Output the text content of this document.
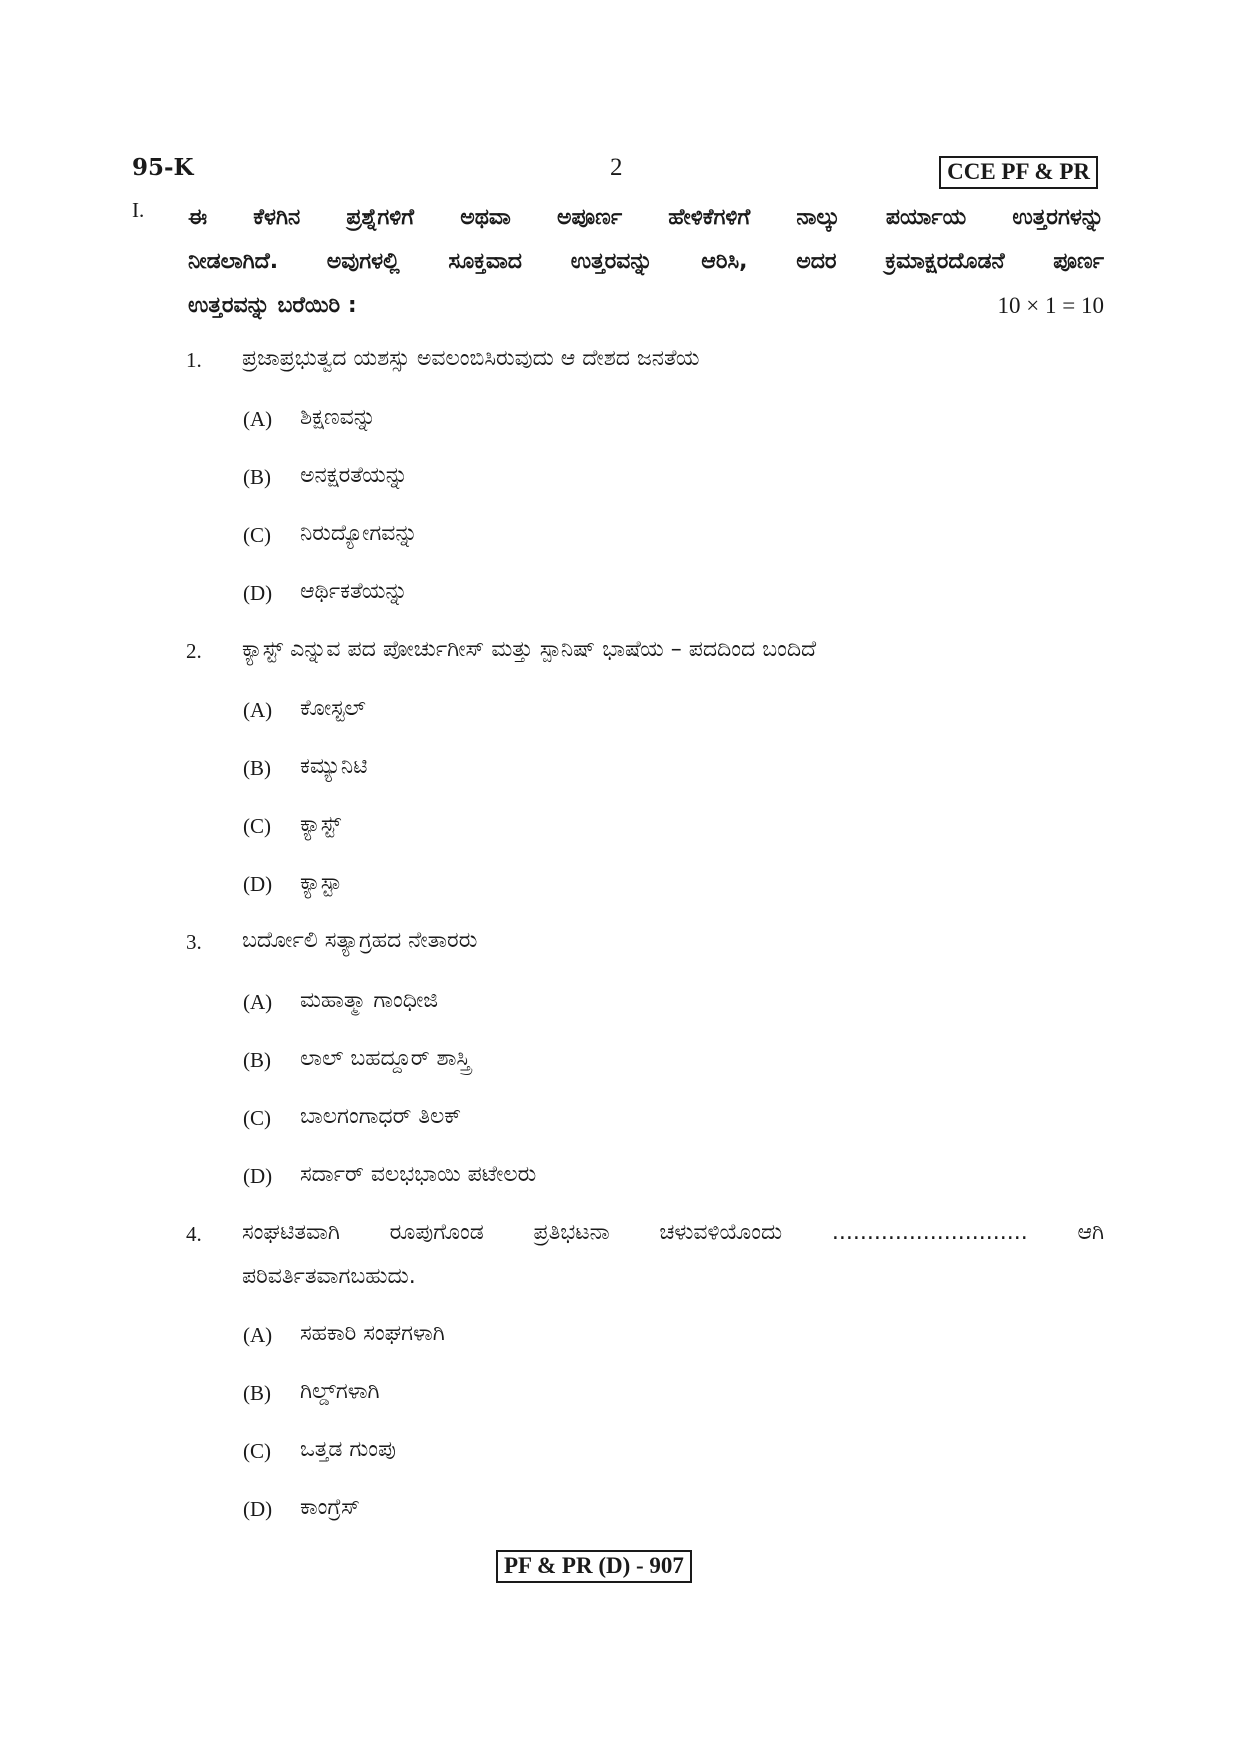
95-K	2	CCE PF & PR
I. ಈ ಕೆಳಗಿನ ಪ್ರಶ್ನೆಗಳಿಗೆ ಅಥವಾ ಅಪೂರ್ಣ ಹೇಳಿಕೆಗಳಿಗೆ ನಾಲ್ಕು ಪರ್ಯಾಯ ಉತ್ತರಗಳನ್ನು
ನೀಡಲಾಗಿದೆ. ಅವುಗಳಲ್ಲಿ ಸೂಕ್ತವಾದ ಉತ್ತರವನ್ನು ಆರಿಸಿ, ಅದರ ಕ್ರಮಾಕ್ಷರದೊಡನೆ ಪೂರ್ಣ
ಉತ್ತರವನ್ನು ಬರೆಯಿರಿ :	10 × 1 = 10
1. ಪ್ರಜಾಪ್ರಭುತ್ವದ ಯಶಸ್ಸು ಅವಲಂಬಿಸಿರುವುದು ಆ ದೇಶದ ಜನತೆಯ
(A) ಶಿಕ್ಷಣವನ್ನು
(B) ಅನಕ್ಷರತೆಯನ್ನು
(C) ನಿರುದ್ಯೋಗವನ್ನು
(D) ಆರ್ಥಿಕತೆಯನ್ನು
2. ಕ್ಯಾಸ್ಟ್ ಎನ್ನುವ ಪದ ಪೋರ್ಚುಗೀಸ್ ಮತ್ತು ಸ್ಪಾನಿಷ್ ಭಾಷೆಯ – ಪದದಿಂದ ಬಂದಿದೆ
(A) ಕೋಸ್ಟಲ್
(B) ಕಮ್ಯುನಿಟಿ
(C) ಕ್ಯಾಸ್ಟ್
(D) ಕ್ಯಾಸ್ಟಾ
3. ಬರ್ದೋಲಿ ಸತ್ಯಾಗ್ರಹದ ನೇತಾರರು
(A) ಮಹಾತ್ಮಾ ಗಾಂಧೀಜಿ
(B) ಲಾಲ್ ಬಹದ್ದೂರ್ ಶಾಸ್ತ್ರಿ
(C) ಬಾಲಗಂಗಾಧರ್ ತಿಲಕ್
(D) ಸರ್ದಾರ್ ವಲಭಭಾಯಿ ಪಟೇಲರು
4. ಸಂಘಟಿತವಾಗಿ ರೂಪುಗೊಂಡ ಪ್ರತಿಭಟನಾ ಚಳುವಳಿಯೊಂದು ............................ ಆಗಿ
ಪರಿವರ್ತಿತವಾಗಬಹುದು.
(A) ಸಹಕಾರಿ ಸಂಘಗಳಾಗಿ
(B) ಗಿಲ್ಡ್‌ಗಳಾಗಿ
(C) ಒತ್ತಡ ಗುಂಪು
(D) ಕಾಂಗ್ರೆಸ್
PF & PR (D) - 907
